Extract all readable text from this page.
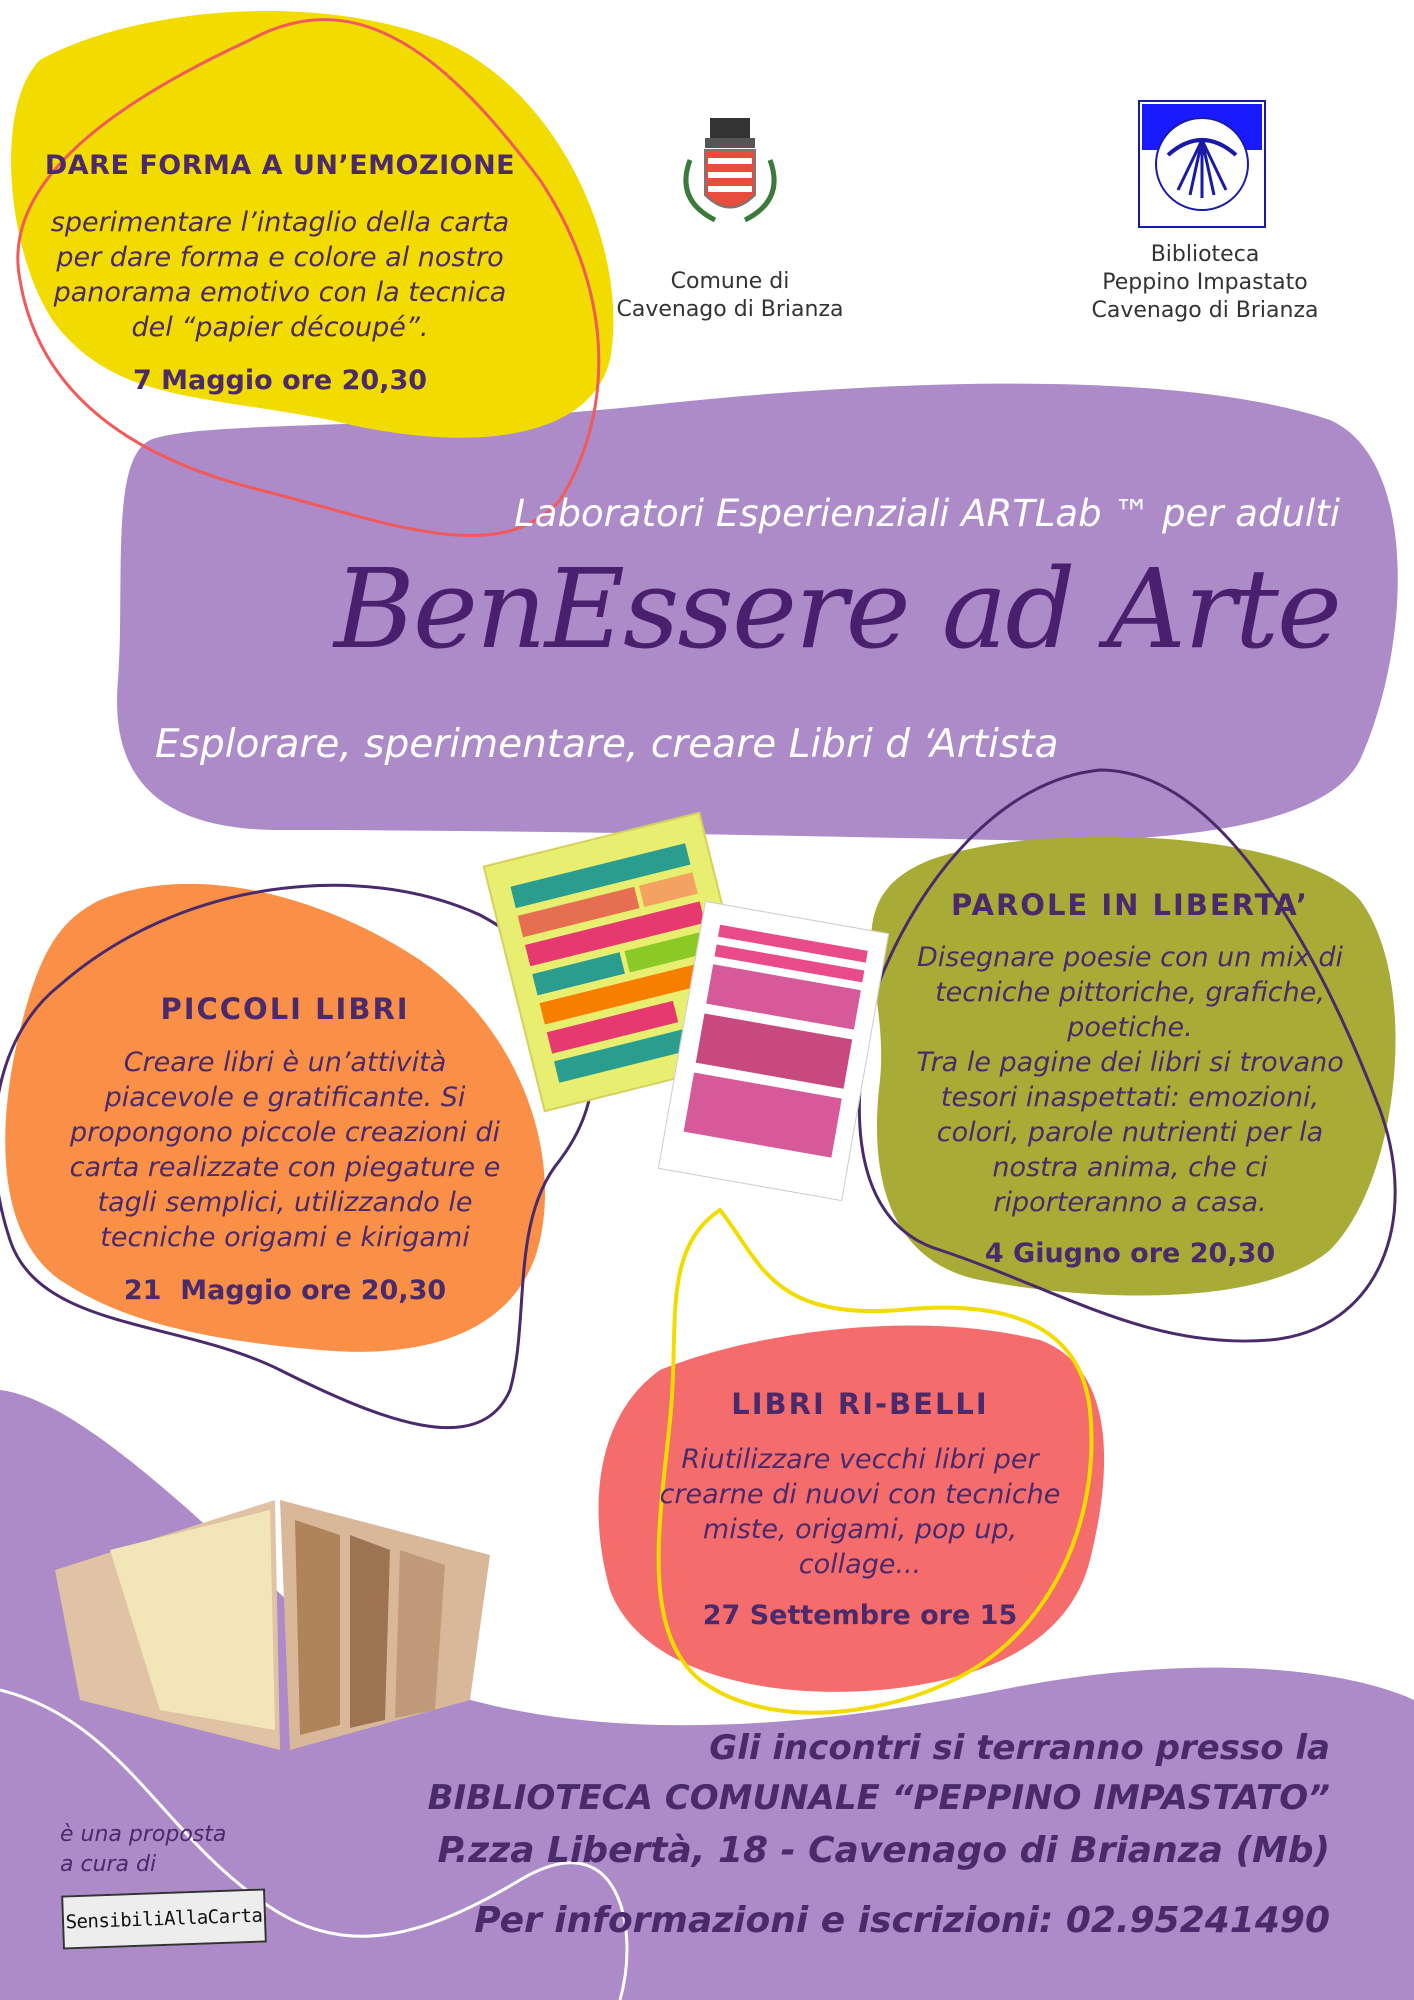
Comune di
Cavenago di Brianza
Biblioteca
Peppino Impastato
Cavenago di Brianza
DARE FORMA A UN’EMOZIONE
sperimentare l’intaglio della carta
per dare forma e colore al nostro
panorama emotivo con la tecnica
del “papier découpé”.
7 Maggio ore 20,30
Laboratori Esperienziali ARTLab ™ per adulti
BenEssere ad Arte
Esplorare, sperimentare, creare Libri d ‘Artista
PAROLE IN LIBERTA’
Disegnare poesie con un mix di
tecniche pittoriche, grafiche,
poetiche.
Tra le pagine dei libri si trovano
tesori inaspettati: emozioni,
colori, parole nutrienti per la
nostra anima, che ci
riporteranno a casa.
4 Giugno ore 20,30
PICCOLI LIBRI
Creare libri è un’attività
piacevole e gratificante. Si
propongono piccole creazioni di
carta realizzate con piegature e
tagli semplici, utilizzando le
tecniche origami e kirigami
21  Maggio ore 20,30
LIBRI RI-BELLI
Riutilizzare vecchi libri per
crearne di nuovi con tecniche
miste, origami, pop up,
collage...
27 Settembre ore 15
Gli incontri si terranno presso la
BIBLIOTECA COMUNALE “PEPPINO IMPASTATO”
P.zza Libertà, 18 - Cavenago di Brianza (Mb)
Per informazioni e iscrizioni: 02.95241490
è una proposta
a cura di
SensibiliAllaCarta
